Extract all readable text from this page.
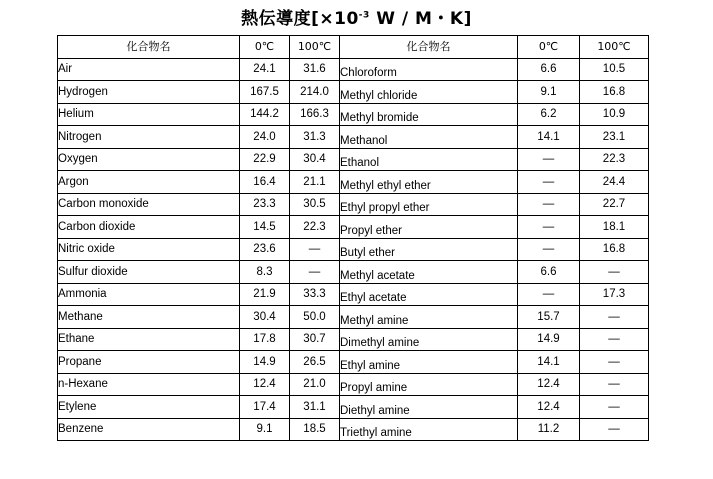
熱伝導度[$\times 10^{-3}$ W / M・K]
化合物名	0℃	100℃	化合物名	0℃	100℃
Air	24.1	31.6	Chloroform	6.6	10.5
Hydrogen	167.5	214.0	Methyl chloride	9.1	16.8
Helium	144.2	166.3	Methyl bromide	6.2	10.9
Nitrogen	24.0	31.3	Methanol	14.1	23.1
Oxygen	22.9	30.4	Ethanol	—	22.3
Argon	16.4	21.1	Methyl ethyl ether	—	24.4
Carbon monoxide	23.3	30.5	Ethyl propyl ether	—	22.7
Carbon dioxide	14.5	22.3	Propyl ether	—	18.1
Nitric oxide	23.6	—	Butyl ether	—	16.8
Sulfur dioxide	8.3	—	Methyl acetate	6.6	—
Ammonia	21.9	33.3	Ethyl acetate	—	17.3
Methane	30.4	50.0	Methyl amine	15.7	—
Ethane	17.8	30.7	Dimethyl amine	14.9	—
Propane	14.9	26.5	Ethyl amine	14.1	—
n-Hexane	12.4	21.0	Propyl amine	12.4	—
Etylene	17.4	31.1	Diethyl amine	12.4	—
Benzene	9.1	18.5	Triethyl amine	11.2	—
